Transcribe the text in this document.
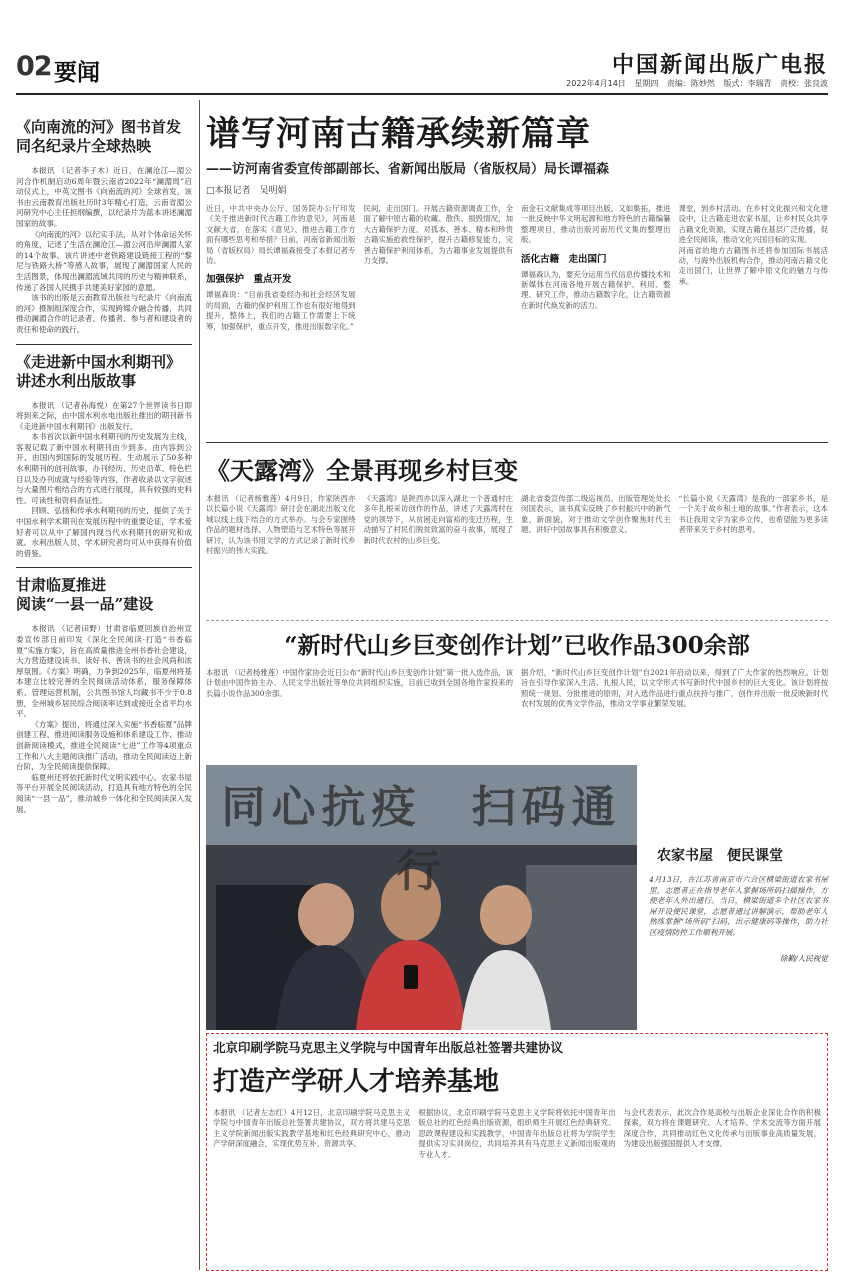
02 要闻	中国新闻出版广电报
2022年4月14日 星期四 责编：陈妙然 版式：李瑞青 责校：张良波
《向南流的河》图书首发
同名纪录片全球热映

本报讯 （记者李子木）近日，在澜沧江—湄公河合作机制启动6周年暨云南省2022年“澜湄周”启动仪式上，中英文图书《向南流的河》全球首发，该书由云南教育出版社历时3年精心打造，云南省湄公河研究中心主任担纲编撰，以纪录片为蓝本讲述澜湄国家的故事。

《向南流的河》以纪实手法，从对个体命运关怀的角度，记述了生活在澜沧江—湄公河沿岸澜湄人家的14个故事。该片讲述中老铁路建设链接工程的“黎尼与铁路大桥”等感人故事，展现了澜湄国家人民的生活图景，体现出澜湄流域共同的历史与精神联系，传递了各国人民携手共建美好家园的意愿。

该书的出版是云南教育出版社与纪录片《向南流的河》摄制组深度合作，实现跨媒介融合传播，共同推动澜湄合作的记录者、传播者、参与者和建设者的责任和使命的践行。

《走进新中国水利期刊》
讲述水利出版故事

本报讯 （记者孙海悦）在第27个世界读书日即将到来之际，由中国水利水电出版社推出的期刊新书《走进新中国水利期刊》出版发行。

本书首次以新中国水利期刊的历史发展为主线，客观记载了新中国水利期刊由少到多、由内容到公开、由国内到国际的发展历程。生动展示了50多种水利期刊的创刊故事，办刊经历、历史沿革、特色栏目以及办刊成就与经验等内容，作者收录以文字叙述与大量图片相结合的方式进行展现，具有较强的史料性、可读性和资料查证性。

回顾、弘扬和传承水利期刊的历史，提供了关于中国水利学术期刊在发展历程中的重要论证，学术爱好者可以从中了解国内现当代水利期刊的研究和成就。水利出版人员、学术研究者均可从中获得有价值的借鉴。

甘肃临夏推进
阅读“一县一品”建设

本报讯 （记者田野）甘肃省临夏回族自治州宣委宣传部日前印发《深化全民阅读·打造“书香临夏”实施方案》，旨在高质量推进全州书香社会建设，大力营造建设读书、读好书、善读书的社会风尚和浓厚氛围。《方案》明确，力争到2025年，临夏州将基本建立比较完善的全民阅读活动体系，服务保障体系、管理运营机制，公共图书馆人均藏书不少于0.8册，全州城乡居民综合阅读率达到或接近全省平均水平。

《方案》提出，将通过深入实施“书香临夏”品牌创建工程、推进阅读服务设施和体系建设工作、推动创新阅读模式，推进全民阅读“七进”工作等4项重点工作和八大主题阅读推广活动，推动全民阅读迈上新台阶，为全民阅读提供保障。

临夏州还将依托新时代文明实践中心、农家书屋等平台开展全民阅读活动，打造具有地方特色的全民阅读“一县一品”，推动城乡一体化和全民阅读深入发展。

谱写河南古籍承续新篇章
——访河南省委宣传部副部长、省新闻出版局（省版权局）局长谭福森
□本报记者　吴明娟

近日，中共中央办公厅、国务院办公厅印发《关于推进新时代古籍工作的意见》，河南是文献大省，在落实《意见》、推进古籍工作方面有哪些思考和举措？日前，河南省新闻出版局（省版权局）局长谭福森接受了本报记者专访。

加强保护　重点开发

谭福森说：“目前我省委经办和社会经济发展的局面，古籍的保护利用工作也有很好地得到提升，整体上，我们的古籍工作需要上下统筹，加强保护，重点开发，推进出版数字化。”

民间，走出国门。开展古籍资源调查工作，全面了解中原古籍的收藏、散佚、损毁情况，加大古籍保护力度，对孤本、善本、精本和珍贵古籍实施抢救性保护，提升古籍修复能力，完善古籍保护利用体系，为古籍事业发展提供有力支撑。

南金石文献集成等项目出版，又如集拓，推进一批反映中华文明起源和地方特色的古籍编纂整理项目，推动出版河南历代文集的整理出版。

活化古籍　走出国门

谭福森认为，要充分运用当代信息传播技术和新媒体在河南各地开展古籍保护、利用、整理、研究工作，推动古籍数字化，让古籍资源在新时代焕发新的活力。

课堂，到乡村活动。在乡村文化振兴和文化建设中，让古籍走进农家书屋，让乡村民众共享古籍文化资源，实现古籍在基层广泛传播，促进全民阅读，推动文化兴国目标的实现。

河南省的地方古籍图书还将参加国际书展活动，与海外出版机构合作，推动河南古籍文化走出国门，让世界了解中原文化的魅力与传承。

《天露湾》全景再现乡村巨变

本报讯 （记者杨雅莲）4月9日，作家陕西亦以长篇小说《天露湾》研讨会在湖北出版文化城以线上线下结合的方式举办。与会专家围绕作品的题材选择、人物塑造与艺术特色等展开研讨，认为该书用文学的方式记录了新时代乡村振兴的伟大实践。

《天露湾》是陕西亦以深入湖北一个普通村庄多年扎根采访创作的作品，讲述了天露湾村在党的领导下，从贫困走向富裕的变迁历程，生动描写了村民们脱贫致富的奋斗故事，展现了新时代农村的山乡巨变。

湖北省委宣传部二级巡视员、出版管理处处长闵国表示，该书真实反映了乡村振兴中的新气象，新面貌，对于推动文学创作聚焦时代主题、讲好中国故事具有积极意义。

“长篇小说《天露湾》是我的一部家乡书，是一个关于故乡和土地的故事。”作者表示，这本书让我用文字为家乡立传，也希望能为更多读者带来关于乡村的思考。

“新时代山乡巨变创作计划”已收作品300余部

本报讯 （记者杨雅莲）中国作家协会近日公布“新时代山乡巨变创作计划”第一批入选作品，该计划由中国作协主办、人民文学出版社等单位共同组织实施，目前已收到全国各地作家投来的长篇小说作品300余部。

据介绍，“新时代山乡巨变创作计划”自2021年启动以来，得到了广大作家的热烈响应。计划旨在引导作家深入生活、扎根人民，以文学形式书写新时代中国乡村的巨大变化。该计划将按照统一规划、分批推进的原则，对入选作品进行重点扶持与推广，创作并出版一批反映新时代农村发展的优秀文学作品，推动文学事业繁荣发展。

同心抗疫　扫码通行	农家书屋　便民课堂
4月13日，在江苏省南京市六合区横梁街道农家书屋里，志愿者正在指导老年人掌握场所码扫描操作，方便老年人外出通行。当日，横梁街道多个社区农家书屋开设便民课堂，志愿者通过讲解演示，帮助老年人熟练掌握“场所码”扫码、出示健康码等操作，助力社区疫情防控工作顺利开展。
徐勤/人民视觉
北京印刷学院马克思主义学院与中国青年出版总社签署共建协议
打造产学研人才培养基地

本报讯 （记者左志红）4月12日，北京印刷学院马克思主义学院与中国青年出版总社签署共建协议，双方将共建马克思主义学院新闻出版实践教学基地和红色经典研究中心，推动产学研深度融合，实现优势互补、资源共享。

根据协议，北京印刷学院马克思主义学院将依托中国青年出版总社的红色经典出版资源，组织师生开展红色经典研究、思政课程建设和实践教学，中国青年出版总社将为学院学生提供实习实训岗位，共同培养具有马克思主义新闻出版观的专业人才。

与会代表表示，此次合作是高校与出版企业深化合作的积极探索，双方将在课题研究、人才培养、学术交流等方面开展深度合作，共同推动红色文化传承与出版事业高质量发展，为建设出版强国提供人才支撑。
